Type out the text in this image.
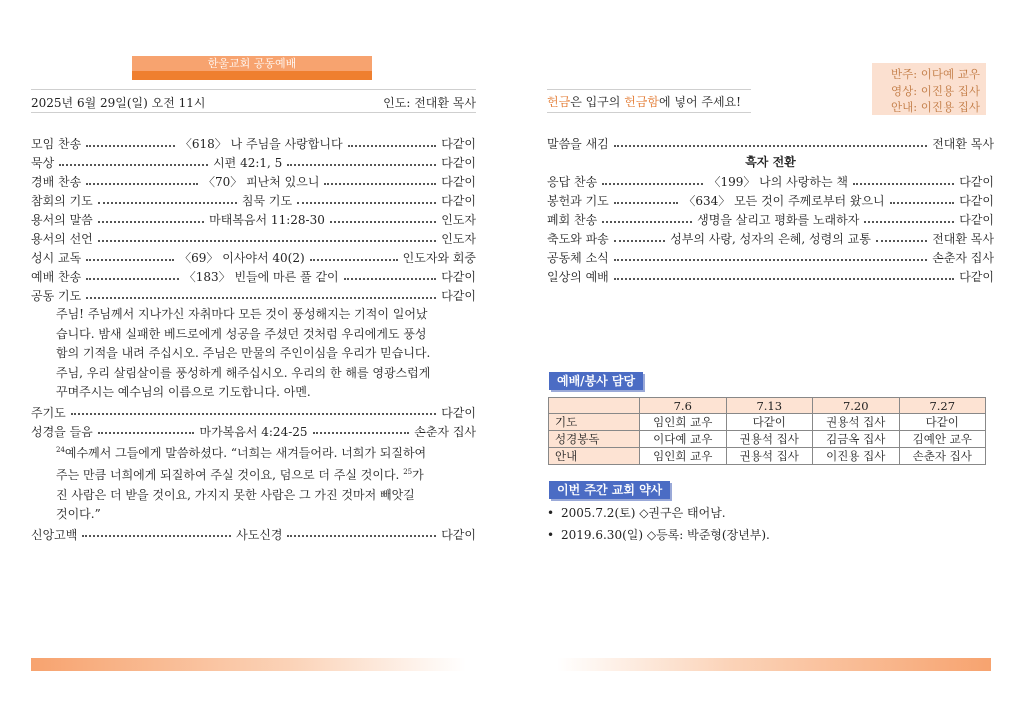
한울교회 공동예배
2025년 6월 29일(일) 오전 11시	인도: 전대환 목사
모임 찬송	〈618〉 나 주님을 사랑합니다	다같이
묵상	시편 42:1, 5	다같이
경배 찬송	〈70〉 피난처 있으니	다같이
참회의 기도	침묵 기도	다같이
용서의 말씀	마태복음서 11:28-30	인도자
용서의 선언	인도자
성시 교독	〈69〉 이사야서 40(2)	인도자와 회중
예배 찬송	〈183〉 빈들에 마른 풀 같이	다같이
공동 기도	다같이
주님! 주님께서 지나가신 자취마다 모든 것이 풍성해지는 기적이 일어났
습니다. 밤새 실패한 베드로에게 성공을 주셨던 것처럼 우리에게도 풍성
함의 기적을 내려 주십시오. 주님은 만물의 주인이심을 우리가 믿습니다.
주님, 우리 살림살이를 풍성하게 해주십시오. 우리의 한 해를 영광스럽게
꾸며주시는 예수님의 이름으로 기도합니다. 아멘.
주기도	다같이
성경을 들음	마가복음서 4:24-25	손춘자 집사
$^{24}$예수께서 그들에게 말씀하셨다. “너희는 새겨들어라. 너희가 되질하여
주는 만큼 너희에게 되질하여 주실 것이요, 덤으로 더 주실 것이다. $^{25}$가
진 사람은 더 받을 것이요, 가지지 못한 사람은 그 가진 것마저 빼앗길
것이다.”
신앙고백	사도신경	다같이
반주: 이다예 교우
영상: 이진용 집사
안내: 이진용 집사
헌금은 입구의 헌금함에 넣어 주세요!
말씀을 새김	전대환 목사
흑자 전환
응답 찬송	〈199〉 나의 사랑하는 책	다같이
봉헌과 기도	〈634〉 모든 것이 주께로부터 왔으니	다같이
폐회 찬송	생명을 살리고 평화를 노래하자	다같이
축도와 파송	성부의 사랑, 성자의 은혜, 성령의 교통	전대환 목사
공동체 소식	손춘자 집사
일상의 예배	다같이
예배/봉사 담당
	7.6	7.13	7.20	7.27
기도	임인희 교우	다같이	권용석 집사	다같이
성경봉독	이다예 교우	권용석 집사	김금옥 집사	김예안 교우
안내	임인희 교우	권용석 집사	이진용 집사	손춘자 집사
이번 주간 교회 약사
• 2005.7.2(토) ◇권구은 태어남.
• 2019.6.30(일) ◇등록: 박준형(장년부).
